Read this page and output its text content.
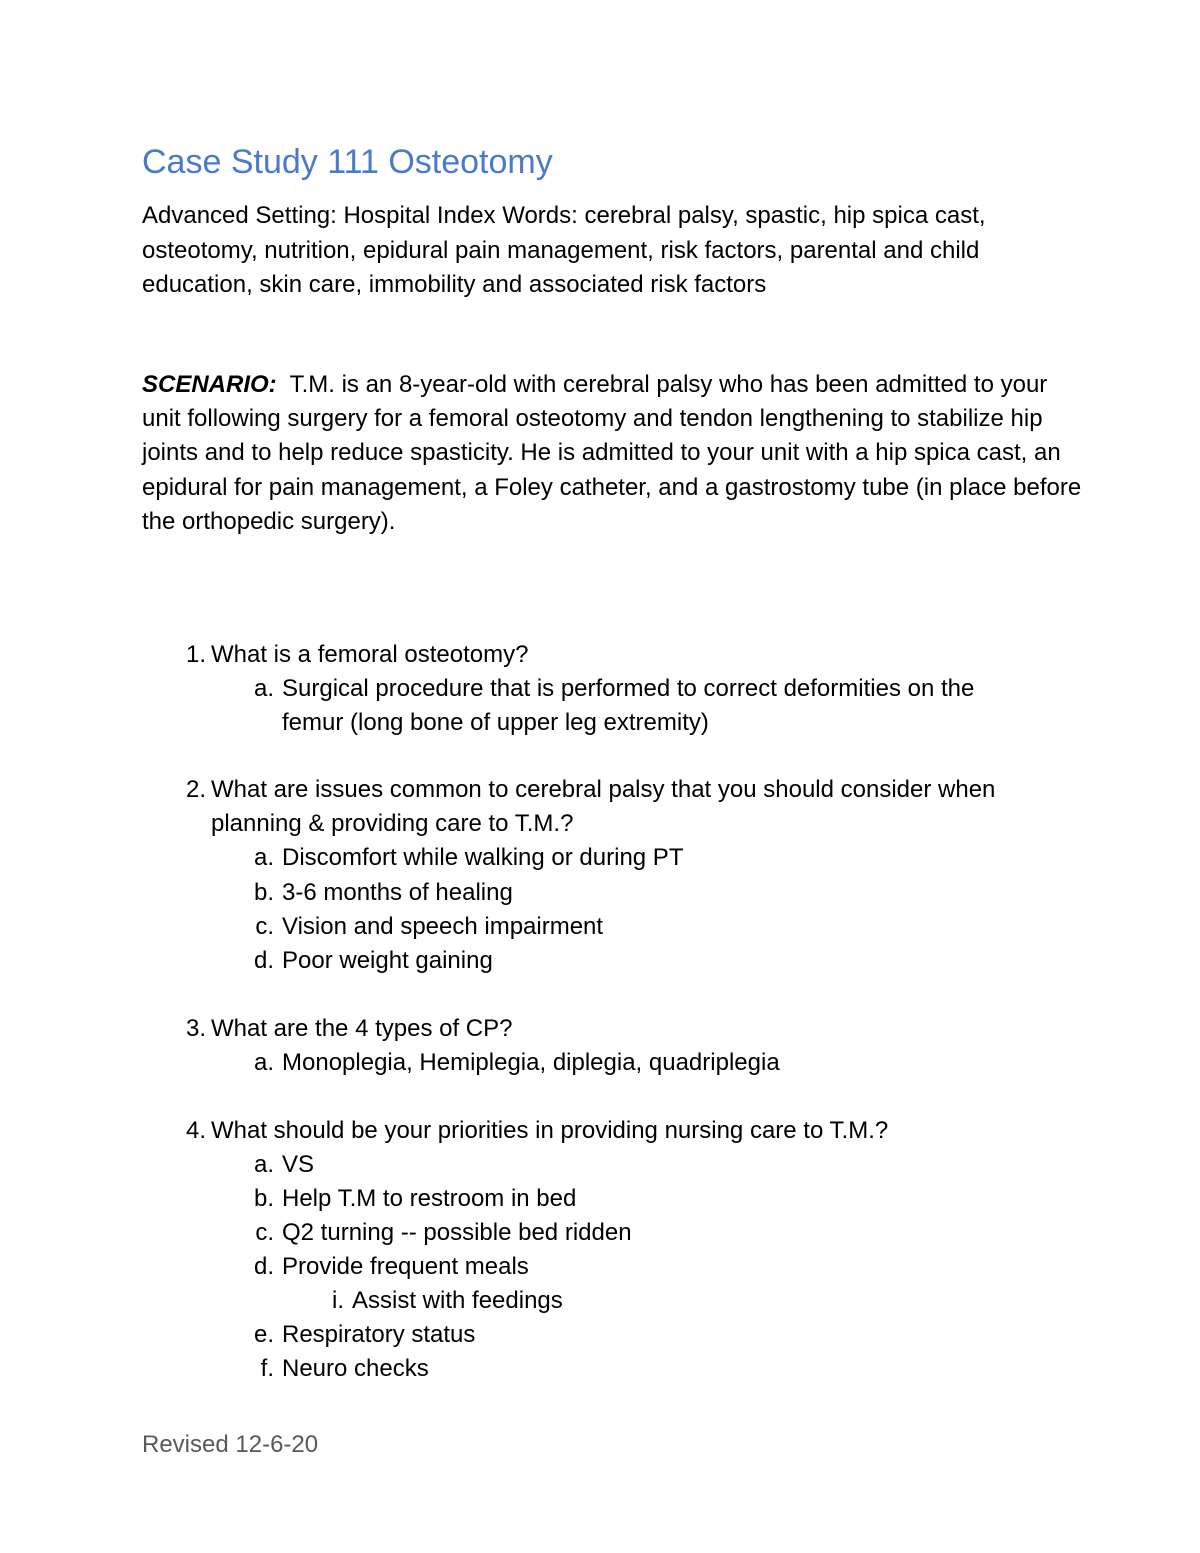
Case Study 111 Osteotomy

Advanced Setting: Hospital Index Words: cerebral palsy, spastic, hip spica cast, osteotomy, nutrition, epidural pain management, risk factors, parental and child education, skin care, immobility and associated risk factors

SCENARIO: T.M. is an 8-year-old with cerebral palsy who has been admitted to your unit following surgery for a femoral osteotomy and tendon lengthening to stabilize hip joints and to help reduce spasticity. He is admitted to your unit with a hip spica cast, an epidural for pain management, a Foley catheter, and a gastrostomy tube (in place before the orthopedic surgery).

1. What is a femoral osteotomy?

a. Surgical procedure that is performed to correct deformities on the femur (long bone of upper leg extremity)

2. What are issues common to cerebral palsy that you should consider when planning & providing care to T.M.?

a. Discomfort while walking or during PT

b. 3-6 months of healing

c. Vision and speech impairment

d. Poor weight gaining

3. What are the 4 types of CP?

a. Monoplegia, Hemiplegia, diplegia, quadriplegia

4. What should be your priorities in providing nursing care to T.M.?

a. VS

b. Help T.M to restroom in bed

c. Q2 turning -- possible bed ridden

d. Provide frequent meals

i. Assist with feedings

e. Respiratory status

f. Neuro checks

Revised 12-6-20
